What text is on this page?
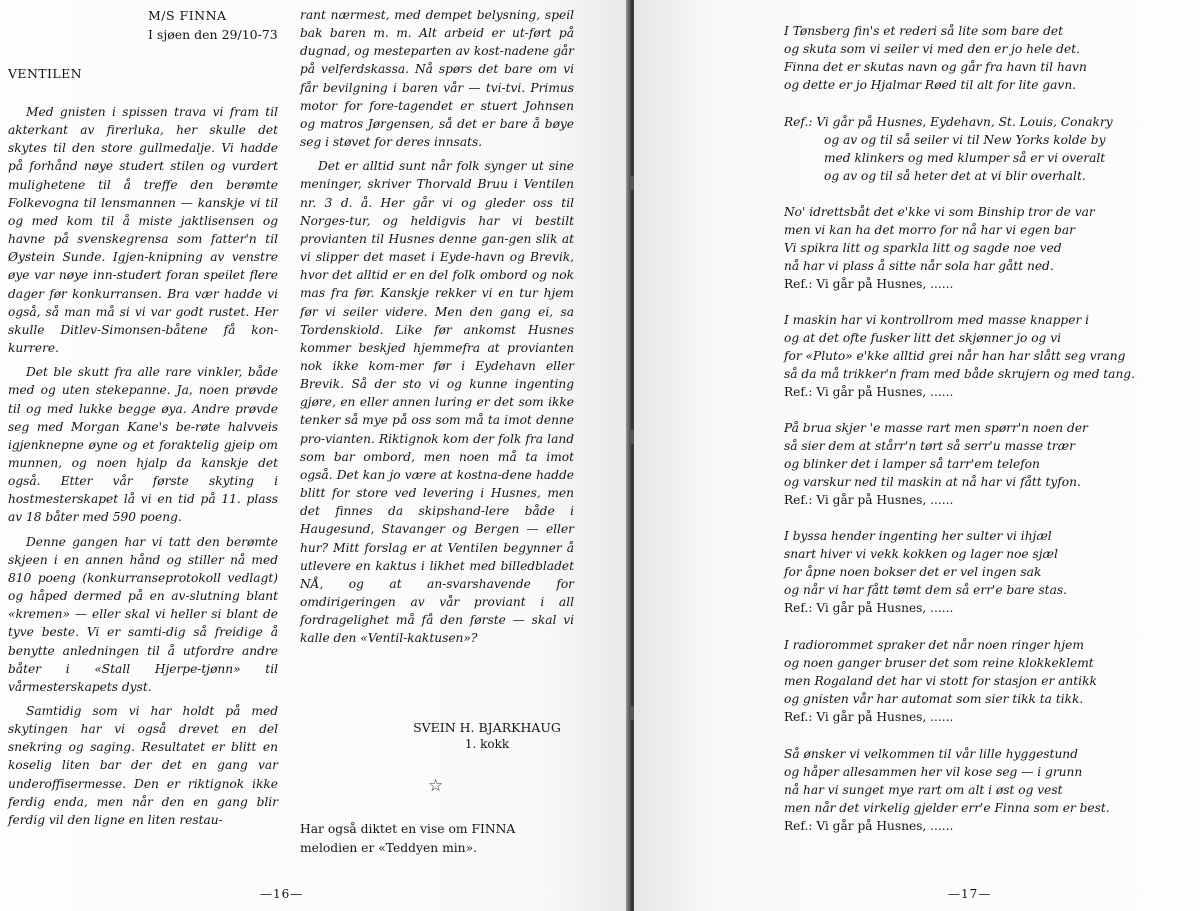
M/S FINNA
I sjøen den 29/10-73
VENTILEN

Med gnisten i spissen trava vi fram til akterkant av firerluka, her skulle det skytes til den store gullmedalje. Vi hadde på forhånd nøye studert stilen og vurdert mulighetene til å treffe den berømte Folkevogna til lensmannen — kanskje vi til og med kom til å miste jaktlisensen og havne på svenskegrensa som fatter'n til Øystein Sunde. Igjen-knipning av venstre øye var nøye inn-studert foran speilet flere dager før konkurransen. Bra vær hadde vi også, så man må si vi var godt rustet. Her skulle Ditlev-Simonsen-båtene få kon-kurrere.

Det ble skutt fra alle rare vinkler, både med og uten stekepanne. Ja, noen prøvde til og med lukke begge øya. Andre prøvde seg med Morgan Kane's be-røte halvveis igjenknepne øyne og et foraktelig gjeip om munnen, og noen hjalp da kanskje det også. Etter vår første skyting i hostmesterskapet lå vi en tid på 11. plass av 18 båter med 590 poeng.

Denne gangen har vi tatt den berømte skjeen i en annen hånd og stiller nå med 810 poeng (konkurranseprotokoll vedlagt) og håped dermed på en av-slutning blant «kremen» — eller skal vi heller si blant de tyve beste. Vi er samti-dig så freidige å benytte anledningen til å utfordre andre båter i «Stall Hjerpe-tjønn» til vårmesterskapets dyst.

Samtidig som vi har holdt på med skytingen har vi også drevet en del snekring og saging. Resultatet er blitt en koselig liten bar der det en gang var underoffisermesse. Den er riktignok ikke ferdig enda, men når den en gang blir ferdig vil den ligne en liten restau-

rant nærmest, med dempet belysning, speil bak baren m. m. Alt arbeid er ut-ført på dugnad, og mesteparten av kost-nadene går på velferdskassa. Nå spørs det bare om vi får bevilgning i baren vår — tvi-tvi. Primus motor for fore-tagendet er stuert Johnsen og matros Jørgensen, så det er bare å bøye seg i støvet for deres innsats.

Det er alltid sunt når folk synger ut sine meninger, skriver Thorvald Bruu i Ventilen nr. 3 d. å. Her går vi og gleder oss til Norges-tur, og heldigvis har vi bestilt provianten til Husnes denne gan-gen slik at vi slipper det maset i Eyde-havn og Brevik, hvor det alltid er en del folk ombord og nok mas fra før. Kanskje rekker vi en tur hjem før vi seiler videre. Men den gang ei, sa Tordenskiold. Like før ankomst Husnes kommer beskjed hjemmefra at provianten nok ikke kom-mer før i Eydehavn eller Brevik. Så der sto vi og kunne ingenting gjøre, en eller annen luring er det som ikke tenker så mye på oss som må ta imot denne pro-vianten. Riktignok kom der folk fra land som bar ombord, men noen må ta imot også. Det kan jo være at kostna-dene hadde blitt for store ved levering i Husnes, men det finnes da skipshand-lere både i Haugesund, Stavanger og Bergen — eller hur? Mitt forslag er at Ventilen begynner å utlevere en kaktus i likhet med billedbladet NÅ, og at an-svarshavende for omdirigeringen av vår proviant i all fordragelighet må få den første — skal vi kalle den «Ventil-kaktusen»?

SVEIN H. BJARKHAUG
1. kokk
☆
Har også diktet en vise om FINNA
melodien er «Teddyen min».
—16—
I Tønsberg fin's et rederi så lite som bare det
og skuta som vi seiler vi med den er jo hele det.
Finna det er skutas navn og går fra havn til havn
og dette er jo Hjalmar Røed til alt for lite gavn.
Ref.: Vi går på Husnes, Eydehavn, St. Louis, Conakry
og av og til så seiler vi til New Yorks kolde by
med klinkers og med klumper så er vi overalt
og av og til så heter det at vi blir overhalt.
No' idrettsbåt det e'kke vi som Binship tror de var
men vi kan ha det morro for nå har vi egen bar
Vi spikra litt og sparkla litt og sagde noe ved
nå har vi plass å sitte når sola har gått ned.
Ref.: Vi går på Husnes, ......
I maskin har vi kontrollrom med masse knapper i
og at det ofte fusker litt det skjønner jo og vi
for «Pluto» e'kke alltid grei når han har slått seg vrang
så da må trikker'n fram med både skrujern og med tang.
Ref.: Vi går på Husnes, ......
På brua skjer 'e masse rart men spørr'n noen der
så sier dem at stårr'n tørt så serr'u masse trær
og blinker det i lamper så tarr'em telefon
og varskur ned til maskin at nå har vi fått tyfon.
Ref.: Vi går på Husnes, ......
I byssa hender ingenting her sulter vi ihjæl
snart hiver vi vekk kokken og lager noe sjæl
for åpne noen bokser det er vel ingen sak
og når vi har fått tømt dem så err'e bare stas.
Ref.: Vi går på Husnes, ......
I radiorommet spraker det når noen ringer hjem
og noen ganger bruser det som reine klokkeklemt
men Rogaland det har vi stott for stasjon er antikk
og gnisten vår har automat som sier tikk ta tikk.
Ref.: Vi går på Husnes, ......
Så ønsker vi velkommen til vår lille hyggestund
og håper allesammen her vil kose seg — i grunn
nå har vi sunget mye rart om alt i øst og vest
men når det virkelig gjelder err'e Finna som er best.
Ref.: Vi går på Husnes, ......
—17—
